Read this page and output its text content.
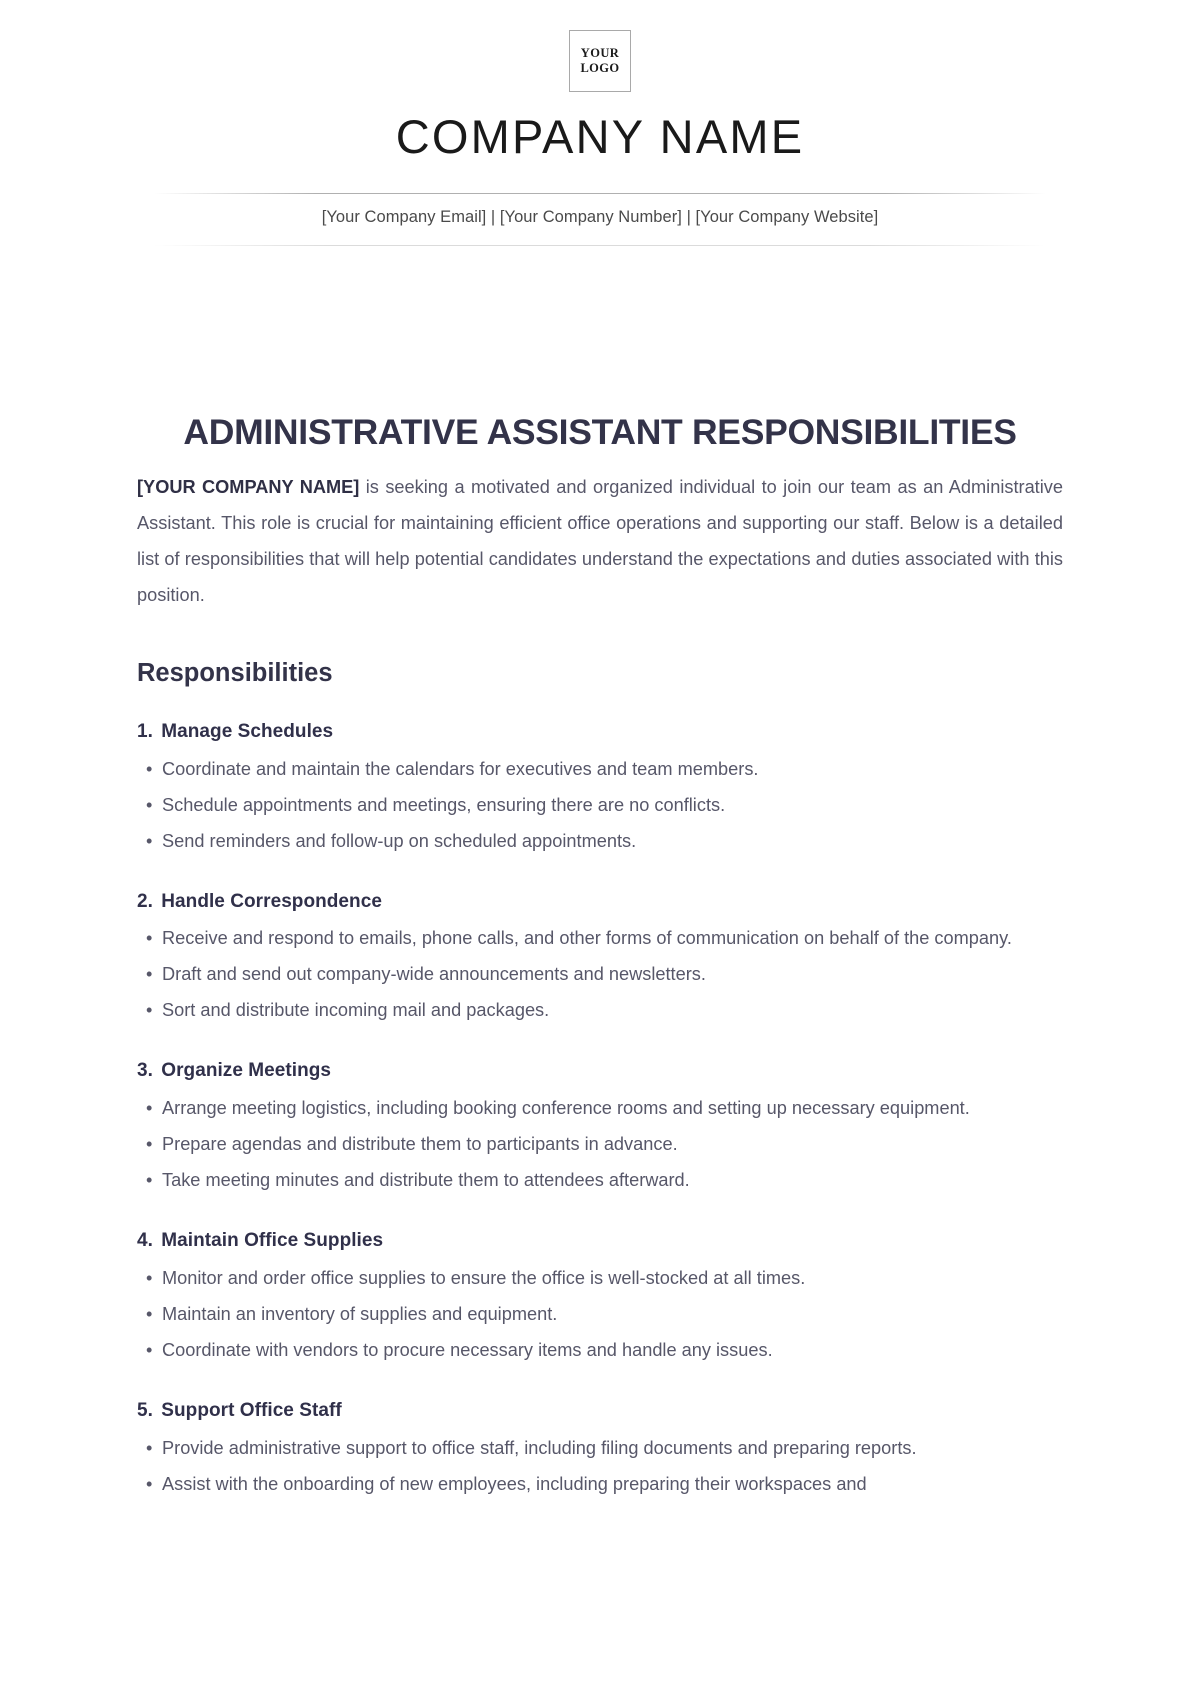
YOUR
LOGO
COMPANY NAME
[Your Company Email] | [Your Company Number] | [Your Company Website]
ADMINISTRATIVE ASSISTANT RESPONSIBILITIES

[YOUR COMPANY NAME] is seeking a motivated and organized individual to join our team as an Administrative Assistant. This role is crucial for maintaining efficient office operations and supporting our staff. Below is a detailed list of responsibilities that will help potential candidates understand the expectations and duties associated with this position.

Responsibilities
1. Manage Schedules
• Coordinate and maintain the calendars for executives and team members.
• Schedule appointments and meetings, ensuring there are no conflicts.
• Send reminders and follow-up on scheduled appointments.
2. Handle Correspondence
• Receive and respond to emails, phone calls, and other forms of communication on behalf of the company.
• Draft and send out company-wide announcements and newsletters.
• Sort and distribute incoming mail and packages.
3. Organize Meetings
• Arrange meeting logistics, including booking conference rooms and setting up necessary equipment.
• Prepare agendas and distribute them to participants in advance.
• Take meeting minutes and distribute them to attendees afterward.
4. Maintain Office Supplies
• Monitor and order office supplies to ensure the office is well-stocked at all times.
• Maintain an inventory of supplies and equipment.
• Coordinate with vendors to procure necessary items and handle any issues.
5. Support Office Staff
• Provide administrative support to office staff, including filing documents and preparing reports.
• Assist with the onboarding of new employees, including preparing their workspaces and
